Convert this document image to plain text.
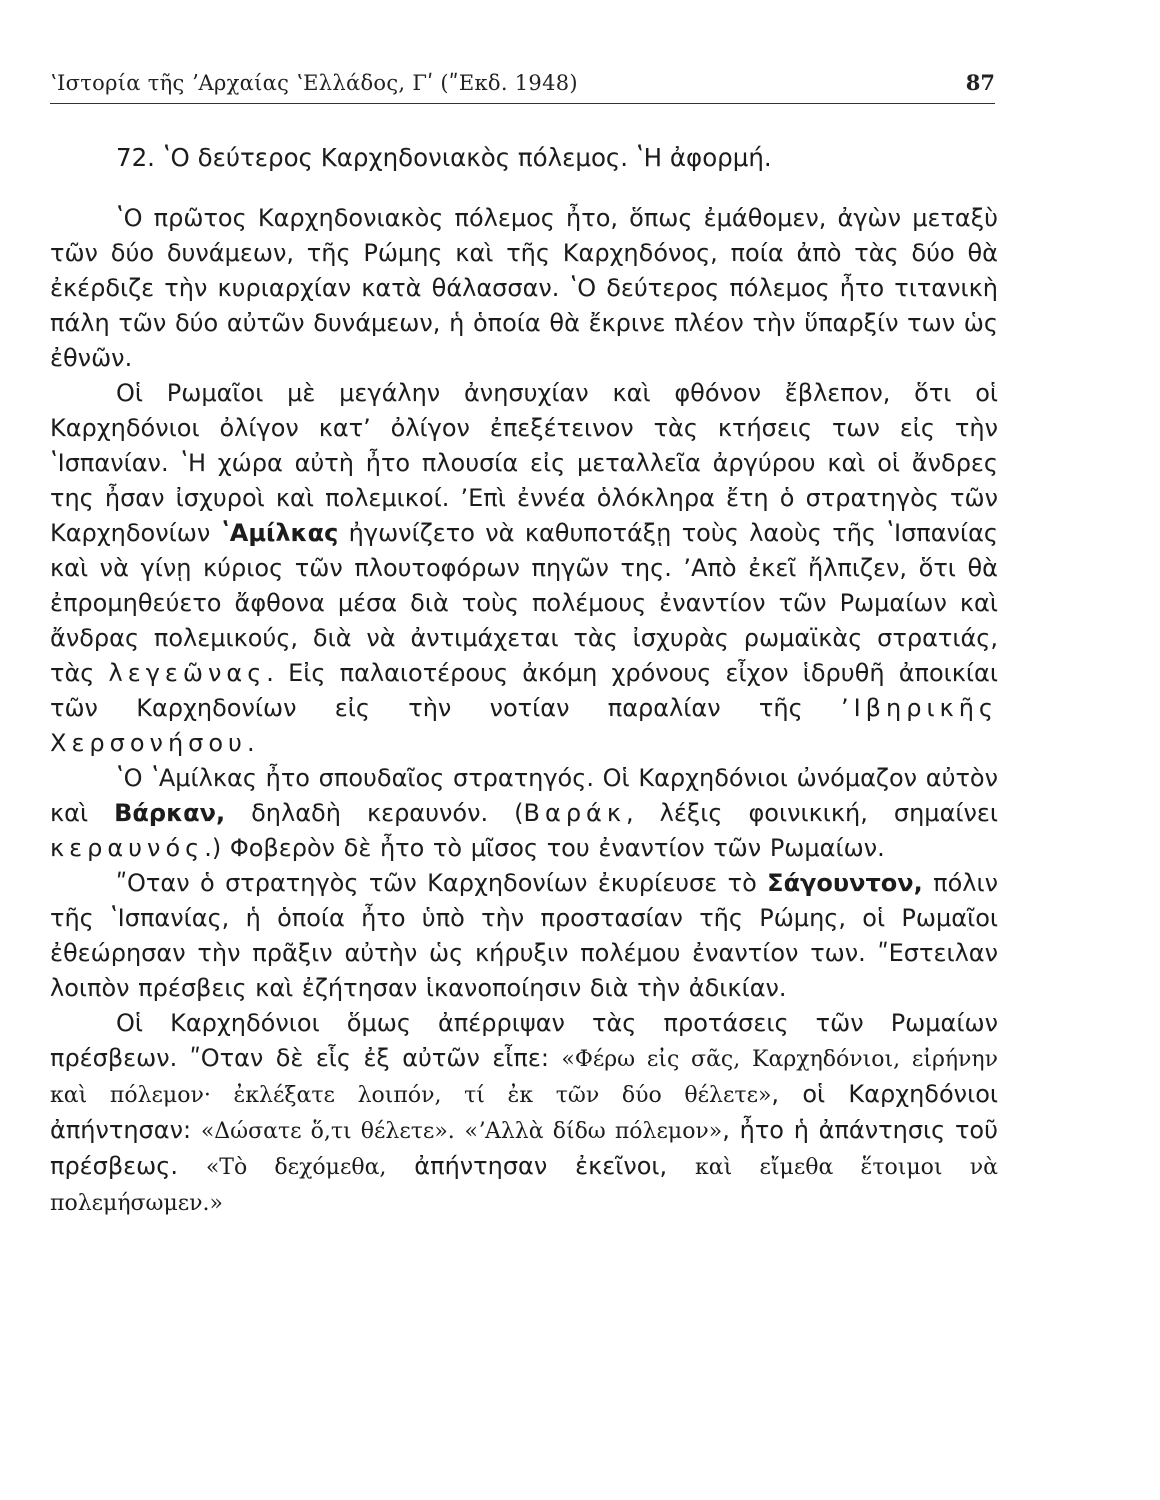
ʽΙστορία τῆς ʼΑρχαίας ʽΕλλάδος, Γʹ (ʺΕκδ. 1948)	87
72. ʽΟ δεύτερος Καρχηδονιακὸς πόλεμος. ʽΗ ἀφορμή.

ʽΟ πρῶτος Καρχηδονιακὸς πόλεμος ἦτο, ὅπως ἐμάθομεν, ἀγὼν μεταξὺ τῶν δύο δυνάμεων, τῆς Ρώμης καὶ τῆς Καρχηδόνος, ποία ἀπὸ τὰς δύο θὰ ἐκέρδιζε τὴν κυριαρχίαν κατὰ θάλασσαν. ʽΟ δεύτερος πόλεμος ἦτο τιτανικὴ πάλη τῶν δύο αὐτῶν δυνάμεων, ἡ ὁποία θὰ ἔκρινε πλέον τὴν ὕπαρξίν των ὡς ἐθνῶν.

Οἱ Ρωμαῖοι μὲ μεγάλην ἀνησυχίαν καὶ φθόνον ἔβλεπον, ὅτι οἱ Καρχηδόνιοι ὀλίγον κατʼ ὀλίγον ἐπεξέτεινον τὰς κτήσεις των εἰς τὴν ʽΙσπανίαν. ʽΗ χώρα αὐτὴ ἦτο πλουσία εἰς μεταλλεῖα ἀργύρου καὶ οἱ ἄνδρες της ἦσαν ἰσχυροὶ καὶ πολεμικοί. ʼΕπὶ ἐννέα ὁλόκληρα ἔτη ὁ στρατηγὸς τῶν Καρχηδονίων ʽΑμίλκας ἠγωνίζετο νὰ καθυποτάξῃ τοὺς λαοὺς τῆς ʽΙσπανίας καὶ νὰ γίνῃ κύριος τῶν πλουτοφόρων πηγῶν της. ʼΑπὸ ἐκεῖ ἤλπιζεν, ὅτι θὰ ἐπρομηθεύετο ἄφθονα μέσα διὰ τοὺς πολέμους ἐναντίον τῶν Ρωμαίων καὶ ἄνδρας πολεμικούς, διὰ νὰ ἀντιμάχεται τὰς ἰσχυρὰς ρωμαϊκὰς στρατιάς, τὰς λεγεῶνας. Εἰς παλαιοτέρους ἀκόμη χρόνους εἶχον ἱδρυθῆ ἀποικίαι τῶν Καρχηδονίων εἰς τὴν νοτίαν παραλίαν τῆς ʼΙβηρικῆς Χερσονήσου.

ʽΟ ʽΑμίλκας ἦτο σπουδαῖος στρατηγός. Οἱ Καρχηδόνιοι ὠνόμαζον αὐτὸν καὶ Βάρκαν, δηλαδὴ κεραυνόν. (Βαράκ, λέξις φοινικική, σημαίνει κεραυνός.) Φοβερὸν δὲ ἦτο τὸ μῖσος του ἐναντίον τῶν Ρωμαίων.

ʺΟταν ὁ στρατηγὸς τῶν Καρχηδονίων ἐκυρίευσε τὸ Σάγουντον, πόλιν τῆς ʽΙσπανίας, ἡ ὁποία ἦτο ὑπὸ τὴν προστασίαν τῆς Ρώμης, οἱ Ρωμαῖοι ἐθεώρησαν τὴν πρᾶξιν αὐτὴν ὡς κήρυξιν πολέμου ἐναντίον των. ʺΕστειλαν λοιπὸν πρέσβεις καὶ ἐζήτησαν ἱκανοποίησιν διὰ τὴν ἀδικίαν.

Οἱ Καρχηδόνιοι ὅμως ἀπέρριψαν τὰς προτάσεις τῶν Ρωμαίων πρέσβεων. ʺΟταν δὲ εἷς ἐξ αὐτῶν εἶπε: «Φέρω εἰς σᾶς, Καρχηδόνιοι, εἰρήνην καὶ πόλεμον· ἐκλέξατε λοιπόν, τί ἐκ τῶν δύο θέλετε», οἱ Καρχηδόνιοι ἀπήντησαν: «Δώσατε ὅ,τι θέλετε». «ʼΑλλὰ δίδω πόλεμον», ἦτο ἡ ἀπάντησις τοῦ πρέσβεως. «Τὸ δεχόμεθα, ἀπήντησαν ἐκεῖνοι, καὶ εἴμεθα ἕτοιμοι νὰ πολεμήσωμεν.»
